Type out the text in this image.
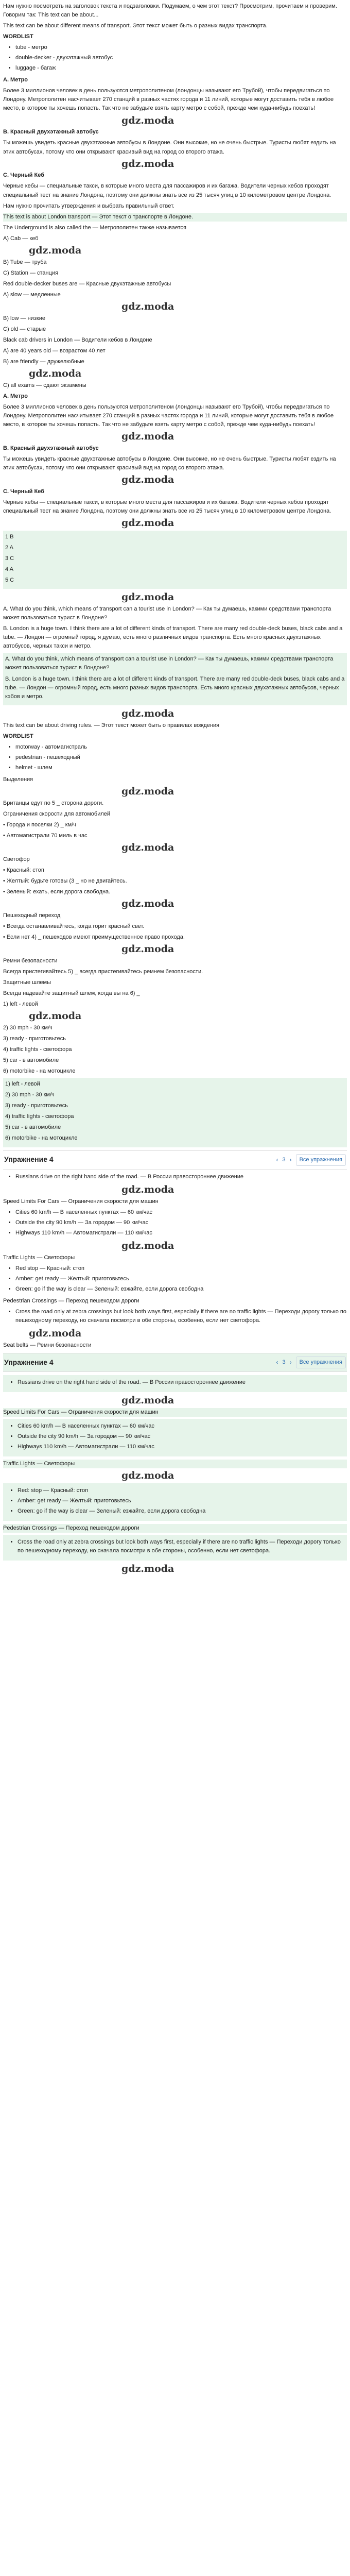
Нам нужно посмотреть на заголовок текста и подзаголовки. Подумаем, о чем этот текст? Просмотрим, прочитаем и проверим. Говорим так: This text can be about...

This text can be about different means of transport. Этот текст может быть о разных видах транспорта.

WORDLIST

• tube - метро
• double-decker - двухэтажный автобус
• luggage - багаж

A. Метро

Более 3 миллионов человек в день пользуются метрополитеном (лондонцы называют его Трубой), чтобы передвигаться по Лондону. Метрополитен насчитывает 270 станций в разных частях города и 11 линий, которые могут доставить тебя в любое место, в которое ты хочешь попасть. Так что не забудьте взять карту метро с собой, прежде чем куда-нибудь поехать!

gdz.moda

B. Красный двухэтажный автобус

Ты можешь увидеть красные двухэтажные автобусы в Лондоне. Они высокие, но не очень быстрые. Туристы любят ездить на этих автобусах, потому что они открывают красивый вид на город со второго этажа.

gdz.moda

C. Черный Кеб

Черные кебы — специальные такси, в которые много места для пассажиров и их багажа. Водители черных кебов проходят специальный тест на знание Лондона, поэтому они должны знать все из 25 тысяч улиц в 10 километровом центре Лондона.

Нам нужно прочитать утверждения и выбрать правильный ответ.

This text is about London transport — Этот текст о транспорте в Лондоне.

The Underground is also called the — Метрополитен также называется

A) Cab — кеб

gdz.moda

B) Tube — труба

C) Station — станция

Red double-decker buses are — Красные двухэтажные автобусы

A) slow — медленные

gdz.moda

B) low — низкие

C) old — старые

Black cab drivers in London — Водители кебов в Лондоне

A) are 40 years old — возрастом 40 лет

B) are friendly — дружелюбные

gdz.moda

C) all exams — сдают экзамены

A. Метро

Более 3 миллионов человек в день пользуются метрополитеном (лондонцы называют его Трубой), чтобы передвигаться по Лондону. Метрополитен насчитывает 270 станций в разных частях города и 11 линий, которые могут доставить тебя в любое место, в которое ты хочешь попасть. Так что не забудьте взять карту метро с собой, прежде чем куда-нибудь поехать!

gdz.moda

B. Красный двухэтажный автобус

Ты можешь увидеть красные двухэтажные автобусы в Лондоне. Они высокие, но не очень быстрые. Туристы любят ездить на этих автобусах, потому что они открывают красивый вид на город со второго этажа.

gdz.moda

C. Черный Кеб

Черные кебы — специальные такси, в которые много места для пассажиров и их багажа. Водители черных кебов проходят специальный тест на знание Лондона, поэтому они должны знать все из 25 тысяч улиц в 10 километровом центре Лондона.

gdz.moda

1 B

2 A

3 C

4 A

5 C

gdz.moda

A. What do you think, which means of transport can a tourist use in London? — Как ты думаешь, какими средствами транспорта может пользоваться турист в Лондоне?

B. London is a huge town. I think there are a lot of different kinds of transport. There are many red double-deck buses, black cabs and a tube. — Лондон — огромный город, я думаю, есть много различных видов транспорта. Есть много красных двухэтажных автобусов, черных такси и метро.

A. What do you think, which means of transport can a tourist use in London? — Как ты думаешь, какими средствами транспорта может пользоваться турист в Лондоне?

B. London is a huge town. I think there are a lot of different kinds of transport. There are many red double-deck buses, black cabs and a tube. — Лондон — огромный город, есть много разных видов транспорта. Есть много красных двухэтажных автобусов, черных кэбов и метро.

gdz.moda

This text can be about driving rules. — Этот текст может быть о правилах вождения

WORDLIST

• motorway - автомагистраль
• pedestrian - пешеходный
• helmet - шлем

Выделения

gdz.moda

Британцы едут по 5 _ сторона дороги.

Ограничения скорости для автомобилей

• Города и поселки 2) _ км/ч

• Автомагистрали 70 миль в час

gdz.moda

Светофор

• Красный: стоп

• Желтый: будьте готовы (3 _ но не двигайтесь.

• Зеленый: ехать, если дорога свободна.

gdz.moda

Пешеходный переход

• Всегда останавливайтесь, когда горит красный свет.

• Если нет 4) _ пешеходов имеют преимущественное право прохода.

gdz.moda

Ремни безопасности

Всегда пристегивайтесь 5) _ всегда пристегивайтесь ремнем безопасности.

Защитные шлемы

Всегда надевайте защитный шлем, когда вы на 6) _

1) left - левой

gdz.moda

2) 30 mph - 30 км/ч

3) ready - приготовьтесь

4) traffic lights - светофора

5) car - в автомобиле

6) motorbike - на мотоцикле

1) left - левой

2) 30 mph - 30 км/ч

3) ready - приготовьтесь

4) traffic lights - светофора

5) car - в автомобиле

6) motorbike - на мотоцикле

Упражнение 4	‹ 3 ›	Все упражнения
• Russians drive on the right hand side of the road. — В России правостороннее движение
gdz.moda

Speed Limits For Cars — Ограничения скорости для машин

• Cities 60 km/h — В населенных пунктах — 60 км/час
• Outside the city 90 km/h — За городом — 90 км/час
• Highways 110 km/h — Автомагистрали — 110 км/час
gdz.moda

Traffic Lights — Светофоры

• Red stop — Красный: стоп
• Amber: get ready — Желтый: приготовьтесь
• Green: go if the way is clear — Зеленый: езжайте, если дорога свободна

Pedestrian Crossings — Переход пешеходом дороги

• Cross the road only at zebra crossings but look both ways first, especially if there are no traffic lights — Переходи дорогу только по пешеходному переходу, но сначала посмотри в обе стороны, особенно, если нет светофора.
gdz.moda

Seat belts — Ремни безопасности

Упражнение 4	‹ 3 ›	Все упражнения
• Russians drive on the right hand side of the road. — В России правостороннее движение
gdz.moda

Speed Limits For Cars — Ограничения скорости для машин

• Cities 60 km/h — В населенных пунктах — 60 км/час
• Outside the city 90 km/h — За городом — 90 км/час
• Highways 110 km/h — Автомагистрали — 110 км/час

Traffic Lights — Светофоры

gdz.moda
• Red: stop — Красный: стоп
• Amber: get ready — Желтый: приготовьтесь
• Green: go if the way is clear — Зеленый: езжайте, если дорога свободна

Pedestrian Crossings — Переход пешеходом дороги

• Cross the road only at zebra crossings but look both ways first, especially if there are no traffic lights — Переходи дорогу только по пешеходному переходу, но сначала посмотри в обе стороны, особенно, если нет светофора.
gdz.moda
